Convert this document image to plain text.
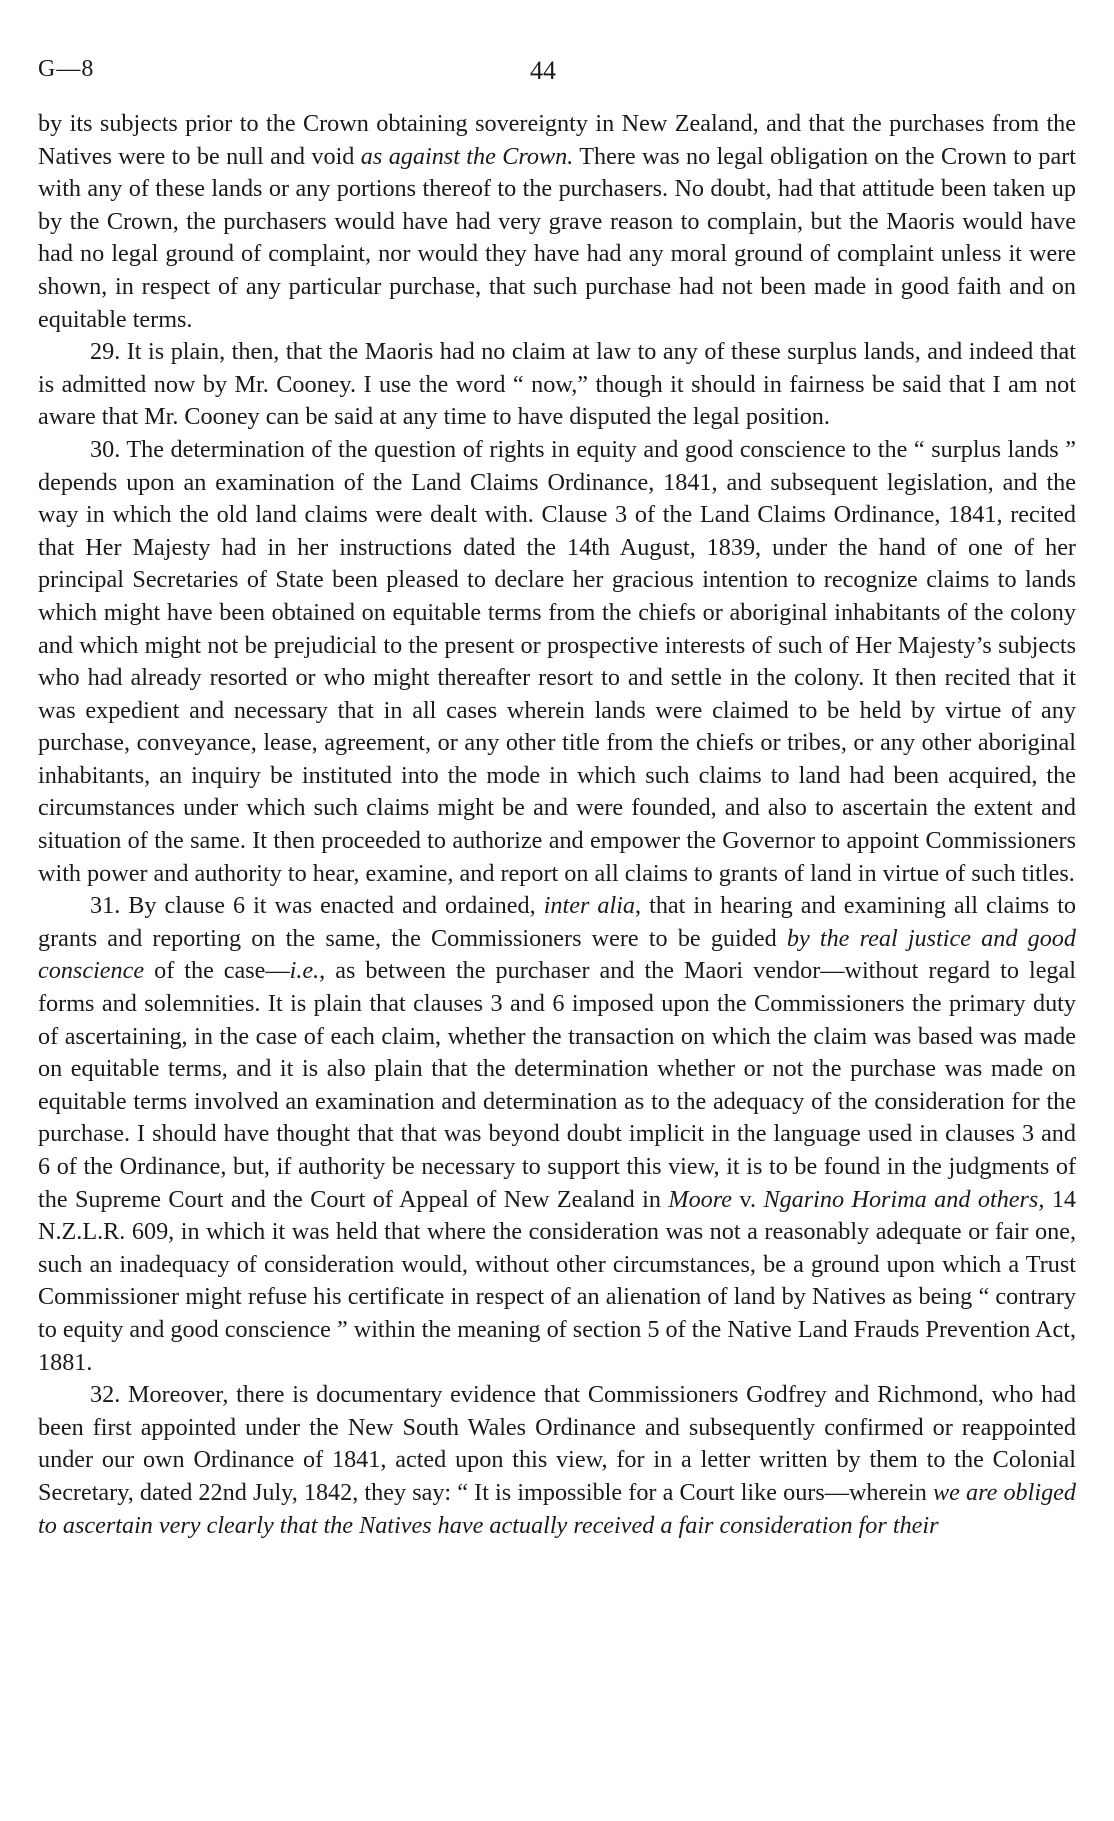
G—8	44

by its subjects prior to the Crown obtaining sovereignty in New Zealand, and that the purchases from the Natives were to be null and void as against the Crown. There was no legal obligation on the Crown to part with any of these lands or any portions thereof to the purchasers. No doubt, had that attitude been taken up by the Crown, the purchasers would have had very grave reason to complain, but the Maoris would have had no legal ground of complaint, nor would they have had any moral ground of complaint unless it were shown, in respect of any particular purchase, that such purchase had not been made in good faith and on equitable terms.

29. It is plain, then, that the Maoris had no claim at law to any of these surplus lands, and indeed that is admitted now by Mr. Cooney. I use the word “ now,” though it should in fairness be said that I am not aware that Mr. Cooney can be said at any time to have disputed the legal position.

30. The determination of the question of rights in equity and good conscience to the “ surplus lands ” depends upon an examination of the Land Claims Ordinance, 1841, and subsequent legislation, and the way in which the old land claims were dealt with. Clause 3 of the Land Claims Ordinance, 1841, recited that Her Majesty had in her instructions dated the 14th August, 1839, under the hand of one of her principal Secretaries of State been pleased to declare her gracious intention to recognize claims to lands which might have been obtained on equitable terms from the chiefs or aboriginal inhabitants of the colony and which might not be prejudicial to the present or prospective interests of such of Her Majesty’s subjects who had already resorted or who might thereafter resort to and settle in the colony. It then recited that it was expedient and necessary that in all cases wherein lands were claimed to be held by virtue of any purchase, conveyance, lease, agreement, or any other title from the chiefs or tribes, or any other aboriginal inhabitants, an inquiry be instituted into the mode in which such claims to land had been acquired, the circumstances under which such claims might be and were founded, and also to ascertain the extent and situation of the same. It then proceeded to authorize and empower the Governor to appoint Commissioners with power and authority to hear, examine, and report on all claims to grants of land in virtue of such titles.

31. By clause 6 it was enacted and ordained, inter alia, that in hearing and examining all claims to grants and reporting on the same, the Commissioners were to be guided by the real justice and good conscience of the case—i.e., as between the purchaser and the Maori vendor—without regard to legal forms and solemnities. It is plain that clauses 3 and 6 imposed upon the Commissioners the primary duty of ascertaining, in the case of each claim, whether the transaction on which the claim was based was made on equitable terms, and it is also plain that the determination whether or not the purchase was made on equitable terms involved an examination and determination as to the adequacy of the consideration for the purchase. I should have thought that that was beyond doubt implicit in the language used in clauses 3 and 6 of the Ordinance, but, if authority be necessary to support this view, it is to be found in the judgments of the Supreme Court and the Court of Appeal of New Zealand in Moore v. Ngarino Horima and others, 14 N.Z.L.R. 609, in which it was held that where the consideration was not a reasonably adequate or fair one, such an inadequacy of consideration would, without other circumstances, be a ground upon which a Trust Commissioner might refuse his certificate in respect of an alienation of land by Natives as being “ contrary to equity and good conscience ” within the meaning of section 5 of the Native Land Frauds Prevention Act, 1881.

32. Moreover, there is documentary evidence that Commissioners Godfrey and Richmond, who had been first appointed under the New South Wales Ordinance and subsequently confirmed or reappointed under our own Ordinance of 1841, acted upon this view, for in a letter written by them to the Colonial Secretary, dated 22nd July, 1842, they say: “ It is impossible for a Court like ours—wherein we are obliged to ascertain very clearly that the Natives have actually received a fair consideration for their
